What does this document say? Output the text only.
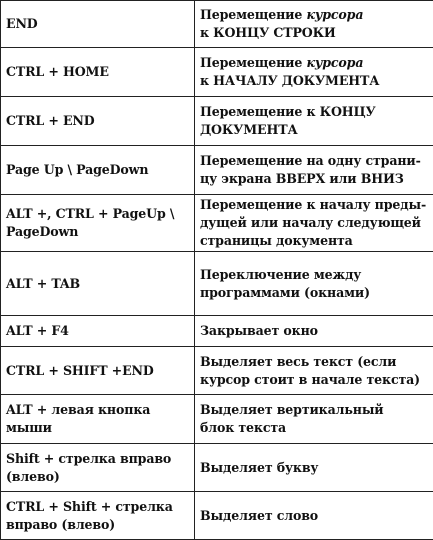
END	Перемещение курсора
к КОНЦУ СТРОКИ

CTRL + HOME	Перемещение курсора
к НАЧАЛУ ДОКУМЕНТА

CTRL + END	Перемещение к КОНЦУ
ДОКУМЕНТА

Page Up \ PageDown	Перемещение на одну страни-
цу экрана ВВЕРХ или ВНИЗ

ALT +, CTRL + PageUp \
PageDown	Перемещение к началу преды-
дущей или началу следующей
страницы документа

ALT + TAB	Переключение между
программами (окнами)

ALT + F4	Закрывает окно

CTRL + SHIFT +END	Выделяет весь текст (если
курсор стоит в начале текста)

ALT + левая кнопка
мыши	Выделяет вертикальный
блок текста

Shift + стрелка вправо
(влево)	Выделяет букву

CTRL + Shift + стрелка
вправо (влево)	Выделяет слово
